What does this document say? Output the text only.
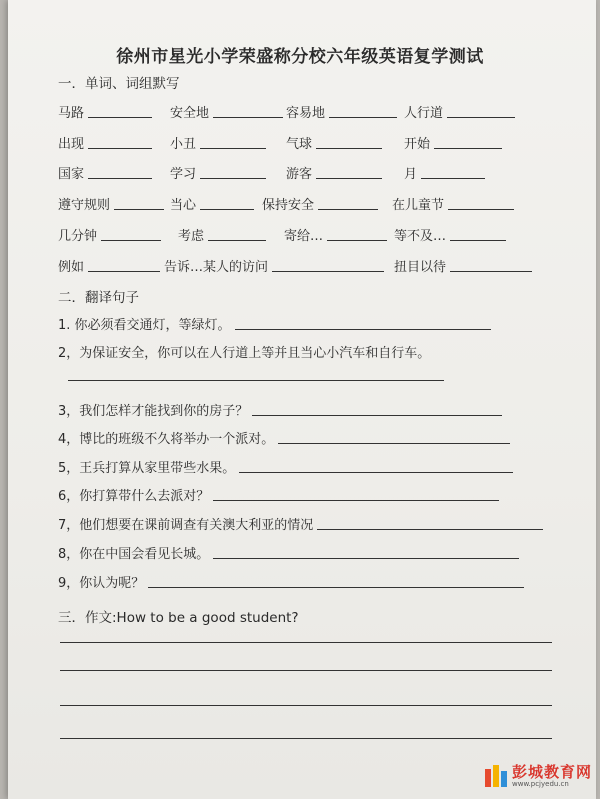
徐州市星光小学荣盛称分校六年级英语复学测试
一．单词、词组默写
马路	安全地	容易地	人行道
出现	小丑	气球	开始
国家	学习	游客	月
遵守规则	当心	保持安全	在儿童节
几分钟	考虑	寄给…	等不及…
例如	告诉…某人的访问	扭目以待
二．翻译句子
1. 你必须看交通灯，等绿灯。
2，为保证安全，你可以在人行道上等并且当心小汽车和自行车。
3，我们怎样才能找到你的房子？
4，博比的班级不久将举办一个派对。
5，王兵打算从家里带些水果。
6，你打算带什么去派对？
7，他们想要在课前调查有关澳大利亚的情况
8，你在中国会看见长城。
9，你认为呢？
三．作文:How to be a good student?
彭城教育网
www.pcjyedu.cn
